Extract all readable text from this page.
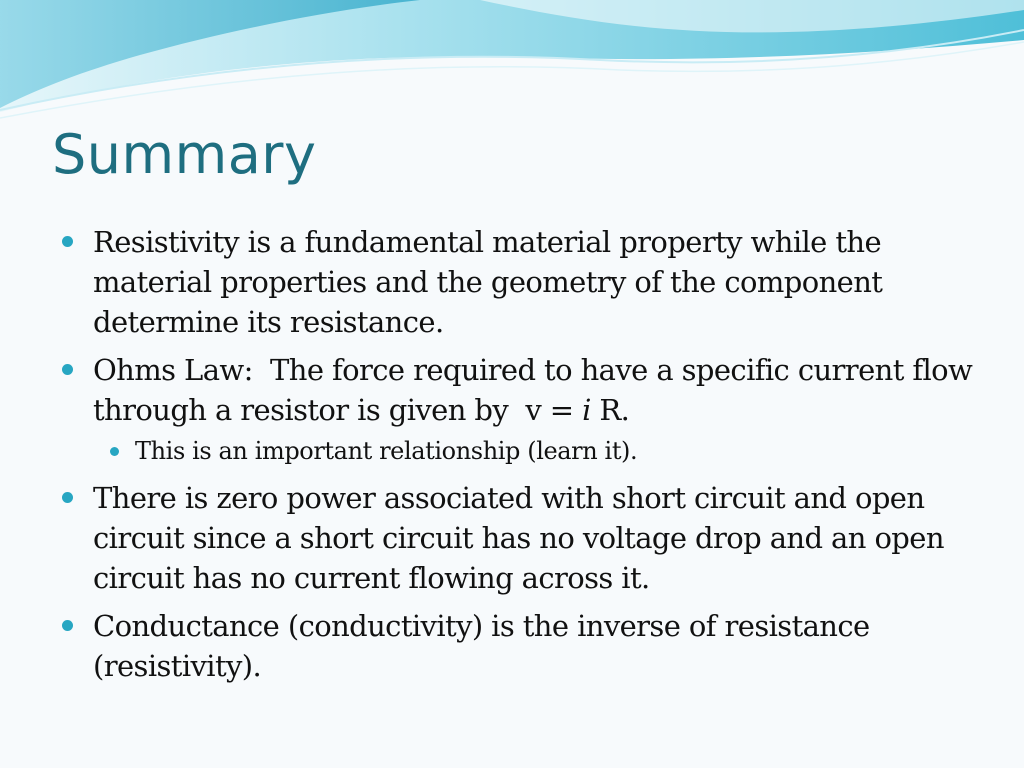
Summary
Resistivity is a fundamental material property while the material properties and the geometry of the component determine its resistance.
Ohms Law:  The force required to have a specific current flow through a resistor is given by  v = i R.
This is an important relationship (learn it).
There is zero power associated with short circuit and open circuit since a short circuit has no voltage drop and an open circuit has no current flowing across it.
Conductance (conductivity) is the inverse of resistance (resistivity).
